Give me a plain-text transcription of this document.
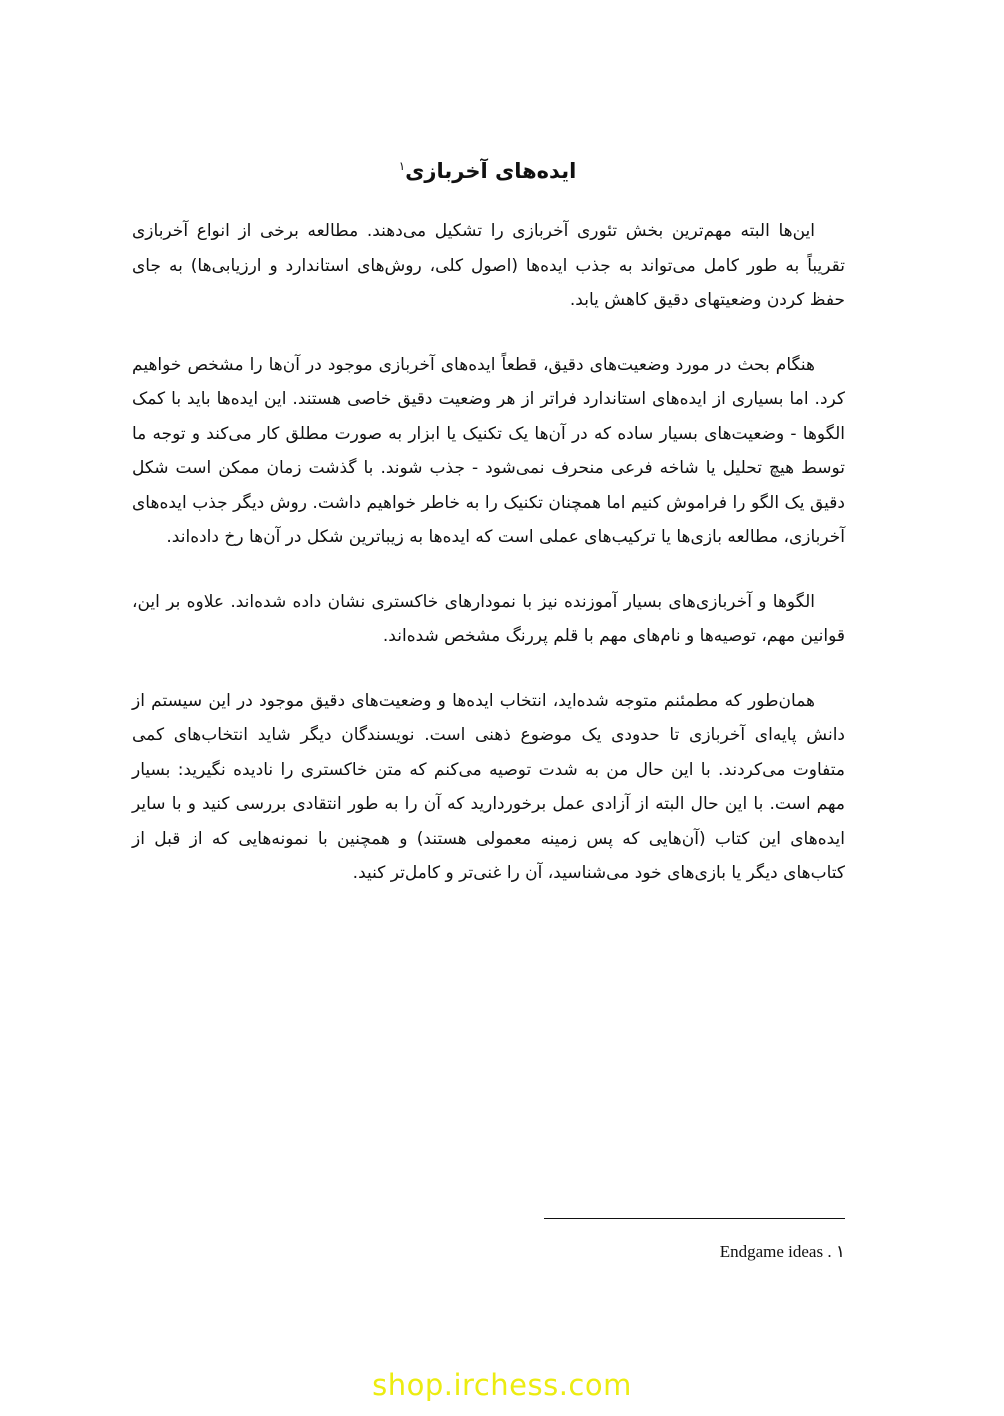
ایده‌های آخربازی$^۱$

این‌ها البته مهم‌ترین بخش تئوری آخربازی را تشکیل می‌دهند. مطالعه برخی از انواع آخربازی تقریباً به طور کامل می‌تواند به جذب ایده‌ها (اصول کلی، روش‌های استاندارد و ارزیابی‌ها) به جای حفظ کردن وضعیتهای دقیق کاهش یابد.

هنگام بحث در مورد وضعیت‌های دقیق، قطعاً ایده‌های آخربازی موجود در آن‌ها را مشخص خواهیم کرد. اما بسیاری از ایده‌های استاندارد فراتر از هر وضعیت دقیق خاصی هستند. این ایده‌ها باید با کمک الگوها - وضعیت‌های بسیار ساده که در آن‌ها یک تکنیک یا ابزار به صورت مطلق کار می‌کند و توجه ما توسط هیچ تحلیل یا شاخه فرعی منحرف نمی‌شود - جذب شوند. با گذشت زمان ممکن است شکل دقیق یک الگو را فراموش کنیم اما همچنان تکنیک را به خاطر خواهیم داشت. روش دیگر جذب ایده‌های آخربازی، مطالعه بازی‌ها یا ترکیب‌های عملی است که ایده‌ها به زیباترین شکل در آن‌ها رخ داده‌اند.

الگوها و آخربازی‌های بسیار آموزنده نیز با نمودارهای خاکستری نشان داده شده‌اند. علاوه بر این، قوانین مهم، توصیه‌ها و نام‌های مهم با قلم پررنگ مشخص شده‌اند.

همان‌طور که مطمئنم متوجه شده‌اید، انتخاب ایده‌ها و وضعیت‌های دقیق موجود در این سیستم از دانش پایه‌ای آخربازی تا حدودی یک موضوع ذهنی است. نویسندگان دیگر شاید انتخاب‌های کمی متفاوت می‌کردند. با این حال من به شدت توصیه می‌کنم که متن خاکستری را نادیده نگیرید: بسیار مهم است. با این حال البته از آزادی عمل برخوردارید که آن را به طور انتقادی بررسی کنید و با سایر ایده‌های این کتاب (آن‌هایی که پس زمینه معمولی هستند) و همچنین با نمونه‌هایی که از قبل از کتاب‌های دیگر یا بازی‌های خود می‌شناسید، آن را غنی‌تر و کامل‌تر کنید.

۱ . Endgame ideas
shop.irchess.com
